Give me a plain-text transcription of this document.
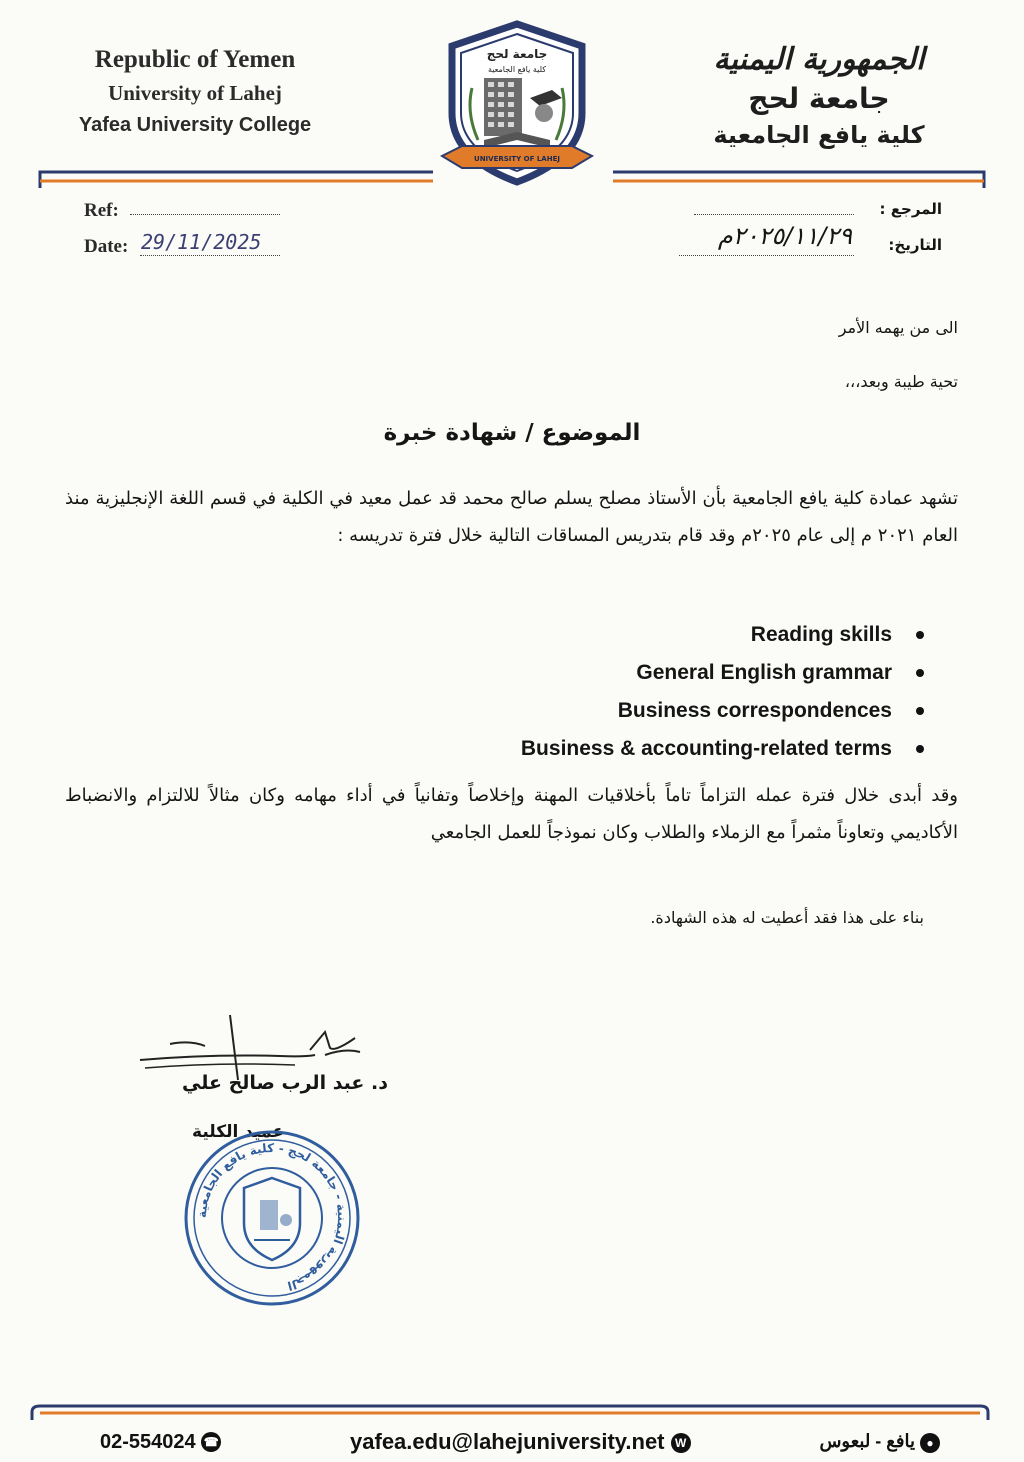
Republic of Yemen
University of Lahej
Yafea University College
الجمهورية اليمنية
جامعة لحج
كلية يافع الجامعية
جامعة لحج
كلية يافع الجامعية
UNIVERSITY OF LAHEJ
Ref:
Date: 29/11/2025
المرجع :
التاريخ:
٢٠٢٥/١١/٢٩م
الى من يهمه الأمر
تحية طيبة وبعد،،،
الموضوع / شهادة خبرة
تشهد عمادة كلية يافع الجامعية بأن الأستاذ مصلح يسلم صالح محمد قد عمل معيد في الكلية في قسم اللغة الإنجليزية منذ العام ٢٠٢١ م إلى عام ٢٠٢٥م وقد قام بتدريس المساقات التالية خلال فترة تدريسه :
Reading skills
General English grammar
Business correspondences
Business & accounting-related terms
وقد أبدى خلال فترة عمله التزاماً تاماً بأخلاقيات المهنة وإخلاصاً وتفانياً في أداء مهامه وكان مثالاً للالتزام والانضباط الأكاديمي وتعاوناً مثمراً مع الزملاء والطلاب وكان نموذجاً للعمل الجامعي
بناء على هذا فقد أعطيت له هذه الشهادة.
د. عبد الرب صالح علي
عميد الكلية
الجمهورية اليمنية - جامعة لحج - كلية يافع الجامعية
02-554024 ☎	yafea.edu@lahejuniversity.net W	● يافع - لبعوس
